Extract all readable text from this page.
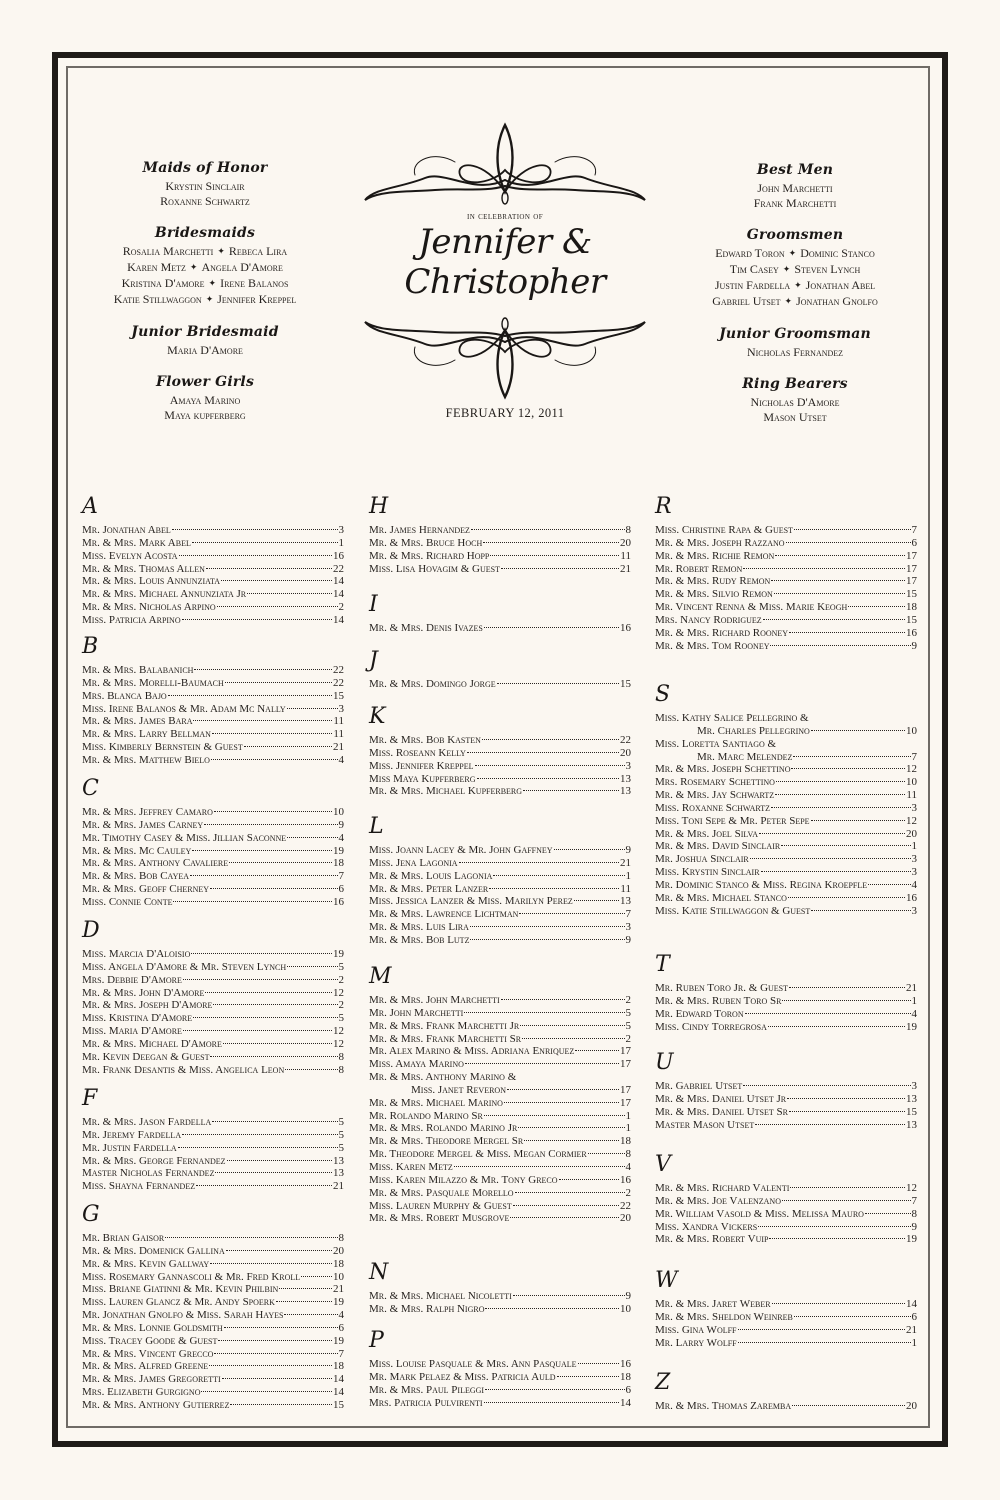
Maids of Honor
Krystin Sinclair
Roxanne Schwartz
Bridesmaids
Rosalia Marchetti ✦ Rebeca Lira
Karen Metz ✦ Angela D'Amore
Kristina D'amore ✦ Irene Balanos
Katie Stillwaggon ✦ Jennifer Kreppel
Junior Bridesmaid
Maria D'Amore
Flower Girls
Amaya Marino
Maya kupferberg
Best Men
John Marchetti
Frank Marchetti
Groomsmen
Edward Toron ✦ Dominic Stanco
Tim Casey ✦ Steven Lynch
Justin Fardella ✦ Jonathan Abel
Gabriel Utset ✦ Jonathan Gnolfo
Junior Groomsman
Nicholas Fernandez
Ring Bearers
Nicholas D'Amore
Mason Utset
in celebration of
Jennifer & Christopher
FEBRUARY 12, 2011
A
Mr. Jonathan Abel	3
Mr. & Mrs. Mark Abel	1
Miss. Evelyn Acosta	16
Mr. & Mrs. Thomas Allen	22
Mr. & Mrs. Louis Annunziata	14
Mr. & Mrs. Michael Annunziata Jr	14
Mr. & Mrs. Nicholas Arpino	2
Miss. Patricia Arpino	14
B
Mr. & Mrs. Balabanich	22
Mr. & Mrs. Morelli-Baumach	22
Mrs. Blanca Bajo	15
Miss. Irene Balanos & Mr. Adam Mc Nally	3
Mr. & Mrs. James Bara	11
Mr. & Mrs. Larry Bellman	11
Miss. Kimberly Bernstein & Guest	21
Mr. & Mrs. Matthew Bielo	4
C
Mr. & Mrs. Jeffrey Camaro	10
Mr. & Mrs. James Carney	9
Mr. Timothy Casey & Miss. Jillian Saconne	4
Mr. & Mrs. Mc Cauley	19
Mr. & Mrs. Anthony Cavaliere	18
Mr. & Mrs. Bob Cayea	7
Mr. & Mrs. Geoff Cherney	6
Miss. Connie Conte	16
D
Miss. Marcia D'Aloisio	19
Miss. Angela D'Amore & Mr. Steven Lynch	5
Mrs. Debbie D'Amore	2
Mr. & Mrs. John D'Amore	12
Mr. & Mrs. Joseph D'Amore	2
Miss. Kristina D'Amore	5
Miss. Maria D'Amore	12
Mr. & Mrs. Michael D'Amore	12
Mr. Kevin Deegan & Guest	8
Mr. Frank Desantis & Miss. Angelica Leon	8
F
Mr. & Mrs. Jason Fardella	5
Mr. Jeremy Fardella	5
Mr. Justin Fardella	5
Mr. & Mrs. George Fernandez	13
Master Nicholas Fernandez	13
Miss. Shayna Fernandez	21
G
Mr. Brian Gaisor	8
Mr. & Mrs. Domenick Gallina	20
Mr. & Mrs. Kevin Gallway	18
Miss. Rosemary Gannascoli & Mr. Fred Kroll	10
Miss. Briane Giatinni & Mr. Kevin Philbin	21
Miss. Lauren Glancz & Mr. Andy Spoerk	19
Mr. Jonathan Gnolfo & Miss. Sarah Hayes	4
Mr. & Mrs. Lonnie Goldsmith	6
Miss. Tracey Goode & Guest	19
Mr. & Mrs. Vincent Grecco	7
Mr. & Mrs. Alfred Greene	18
Mr. & Mrs. James Gregoretti	14
Mrs. Elizabeth Gurgigno	14
Mr. & Mrs. Anthony Gutierrez	15
H
Mr. James Hernandez	8
Mr. & Mrs. Bruce Hoch	20
Mr. & Mrs. Richard Hopp	11
Miss. Lisa Hovagim & Guest	21
I
Mr. & Mrs. Denis Ivazes	16
J
Mr. & Mrs. Domingo Jorge	15
K
Mr. & Mrs. Bob Kasten	22
Miss. Roseann Kelly	20
Miss. Jennifer Kreppel	3
Miss Maya Kupferberg	13
Mr. & Mrs. Michael Kupferberg	13
L
Miss. Joann Lacey & Mr. John Gaffney	9
Miss. Jena Lagonia	21
Mr. & Mrs. Louis Lagonia	1
Mr. & Mrs. Peter Lanzer	11
Miss. Jessica Lanzer & Miss. Marilyn Perez	13
Mr. & Mrs. Lawrence Lichtman	7
Mr. & Mrs. Luis Lira	3
Mr. & Mrs. Bob Lutz	9
M
Mr. & Mrs. John Marchetti	2
Mr. John Marchetti	5
Mr. & Mrs. Frank Marchetti Jr	5
Mr. & Mrs. Frank Marchetti Sr	2
Mr. Alex Marino & Miss. Adriana Enriquez	17
Miss. Amaya Marino	17
Mr. & Mrs. Anthony Marino &
Miss. Janet Reveron	17
Mr. & Mrs. Michael Marino	17
Mr. Rolando Marino Sr	1
Mr. & Mrs. Rolando Marino Jr	1
Mr. & Mrs. Theodore Mergel Sr	18
Mr. Theodore Mergel & Miss. Megan Cormier	8
Miss. Karen Metz	4
Miss. Karen Milazzo & Mr. Tony Greco	16
Mr. & Mrs. Pasquale Morello	2
Miss. Lauren Murphy & Guest	22
Mr. & Mrs. Robert Musgrove	20
N
Mr. & Mrs. Michael Nicoletti	9
Mr. & Mrs. Ralph Nigro	10
P
Miss. Louise Pasquale & Mrs. Ann Pasquale	16
Mr. Mark Pelaez & Miss. Patricia Auld	18
Mr. & Mrs. Paul Pileggi	6
Mrs. Patricia Pulvirenti	14
R
Miss. Christine Rapa & Guest	7
Mr. & Mrs. Joseph Razzano	6
Mr. & Mrs. Richie Remon	17
Mr. Robert Remon	17
Mr. & Mrs. Rudy Remon	17
Mr. & Mrs. Silvio Remon	15
Mr. Vincent Renna & Miss. Marie Keogh	18
Mrs. Nancy Rodriguez	15
Mr. & Mrs. Richard Rooney	16
Mr. & Mrs. Tom Rooney	9
S
Miss. Kathy Salice Pellegrino &
Mr. Charles Pellegrino	10
Miss. Loretta Santiago &
Mr. Marc Melendez	7
Mr. & Mrs. Joseph Schettino	12
Mrs. Rosemary Schettino	10
Mr. & Mrs. Jay Schwartz	11
Miss. Roxanne Schwartz	3
Miss. Toni Sepe & Mr. Peter Sepe	12
Mr. & Mrs. Joel Silva	20
Mr. & Mrs. David Sinclair	1
Mr. Joshua Sinclair	3
Miss. Krystin Sinclair	3
Mr. Dominic Stanco & Miss. Regina Kroepfle	4
Mr. & Mrs. Michael Stanco	16
Miss. Katie Stillwaggon & Guest	3
T
Mr. Ruben Toro Jr. & Guest	21
Mr. & Mrs. Ruben Toro Sr	1
Mr. Edward Toron	4
Miss. Cindy Torregrosa	19
U
Mr. Gabriel Utset	3
Mr. & Mrs. Daniel Utset Jr	13
Mr. & Mrs. Daniel Utset Sr	15
Master Mason Utset	13
V
Mr. & Mrs. Richard Valenti	12
Mr. & Mrs. Joe Valenzano	7
Mr. William Vasold & Miss. Melissa Mauro	8
Miss. Xandra Vickers	9
Mr. & Mrs. Robert Vuip	19
W
Mr. & Mrs. Jaret Weber	14
Mr. & Mrs. Sheldon Weinreb	6
Miss. Gina Wolff	21
Mr. Larry Wolff	1
Z
Mr. & Mrs. Thomas Zaremba	20
